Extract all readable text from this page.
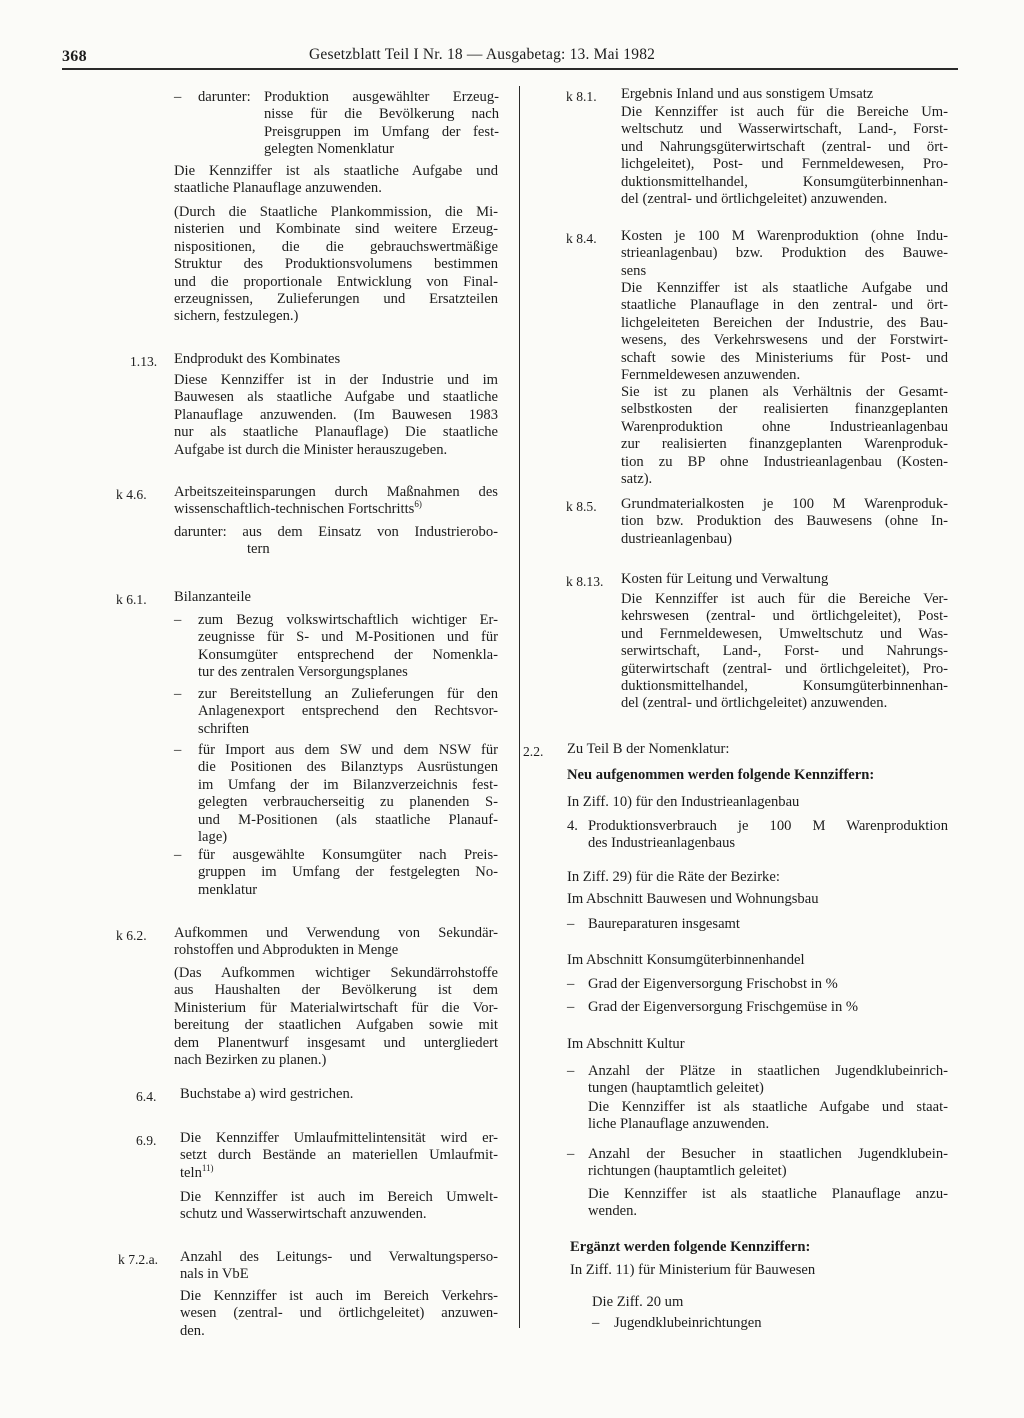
368	Gesetzblatt Teil I Nr. 18 — Ausgabetag: 13. Mai 1982
– darunter: Produktion ausgewählter Erzeug-
nisse für die Bevölkerung nach
Preisgruppen im Umfang der fest-
gelegten Nomenklatur
Die Kennziffer ist als staatliche Aufgabe und
staatliche Planauflage anzuwenden.
(Durch die Staatliche Plankommission, die Mi-
nisterien und Kombinate sind weitere Erzeug-
nispositionen, die die gebrauchswertmäßige
Struktur des Produktionsvolumens bestimmen
und die proportionale Entwicklung von Final-
erzeugnissen, Zulieferungen und Ersatzteilen
sichern, festzulegen.)
1.13. Endprodukt des Kombinates
Diese Kennziffer ist in der Industrie und im
Bauwesen als staatliche Aufgabe und staatliche
Planauflage anzuwenden. (Im Bauwesen 1983
nur als staatliche Planauflage) Die staatliche
Aufgabe ist durch die Minister herauszugeben.
k 4.6. Arbeitszeiteinsparungen durch Maßnahmen des
wissenschaftlich-technischen Fortschritts$^{6)}$
darunter: aus dem Einsatz von Industrierobo-
tern
k 6.1. Bilanzanteile
– zum Bezug volkswirtschaftlich wichtiger Er-
zeugnisse für S- und M-Positionen und für
Konsumgüter entsprechend der Nomenkla-
tur des zentralen Versorgungsplanes
– zur Bereitstellung an Zulieferungen für den
Anlagenexport entsprechend den Rechtsvor-
schriften
– für Import aus dem SW und dem NSW für
die Positionen des Bilanztyps Ausrüstungen
im Umfang der im Bilanzverzeichnis fest-
gelegten verbraucherseitig zu planenden S-
und M-Positionen (als staatliche Planauf-
lage)
– für ausgewählte Konsumgüter nach Preis-
gruppen im Umfang der festgelegten No-
menklatur
k 6.2. Aufkommen und Verwendung von Sekundär-
rohstoffen und Abprodukten in Menge
(Das Aufkommen wichtiger Sekundärrohstoffe
aus Haushalten der Bevölkerung ist dem
Ministerium für Materialwirtschaft für die Vor-
bereitung der staatlichen Aufgaben sowie mit
dem Planentwurf insgesamt und untergliedert
nach Bezirken zu planen.)
6.4. Buchstabe a) wird gestrichen.
6.9. Die Kennziffer Umlaufmittelintensität wird er-
setzt durch Bestände an materiellen Umlaufmit-
teln$^{11)}$
Die Kennziffer ist auch im Bereich Umwelt-
schutz und Wasserwirtschaft anzuwenden.
k 7.2.a. Anzahl des Leitungs- und Verwaltungsperso-
nals in VbE
Die Kennziffer ist auch im Bereich Verkehrs-
wesen (zentral- und örtlichgeleitet) anzuwen-
den.
k 8.1. Ergebnis Inland und aus sonstigem Umsatz
Die Kennziffer ist auch für die Bereiche Um-
weltschutz und Wasserwirtschaft, Land-, Forst-
und Nahrungsgüterwirtschaft (zentral- und ört-
lichgeleitet), Post- und Fernmeldewesen, Pro-
duktionsmittelhandel, Konsumgüterbinnenhan-
del (zentral- und örtlichgeleitet) anzuwenden.
k 8.4. Kosten je 100 M Warenproduktion (ohne Indu-
strieanlagenbau) bzw. Produktion des Bauwe-
sens
Die Kennziffer ist als staatliche Aufgabe und
staatliche Planauflage in den zentral- und ört-
lichgeleiteten Bereichen der Industrie, des Bau-
wesens, des Verkehrswesens und der Forstwirt-
schaft sowie des Ministeriums für Post- und
Fernmeldewesen anzuwenden.
Sie ist zu planen als Verhältnis der Gesamt-
selbstkosten der realisierten finanzgeplanten
Warenproduktion ohne Industrieanlagenbau
zur realisierten finanzgeplanten Warenproduk-
tion zu BP ohne Industrieanlagenbau (Kosten-
satz).
k 8.5. Grundmaterialkosten je 100 M Warenproduk-
tion bzw. Produktion des Bauwesens (ohne In-
dustrieanlagenbau)
k 8.13. Kosten für Leitung und Verwaltung
Die Kennziffer ist auch für die Bereiche Ver-
kehrswesen (zentral- und örtlichgeleitet), Post-
und Fernmeldewesen, Umweltschutz und Was-
serwirtschaft, Land-, Forst- und Nahrungs-
güterwirtschaft (zentral- und örtlichgeleitet), Pro-
duktionsmittelhandel, Konsumgüterbinnenhan-
del (zentral- und örtlichgeleitet) anzuwenden.
2.2. Zu Teil B der Nomenklatur:
Neu aufgenommen werden folgende Kennziffern:
In Ziff. 10) für den Industrieanlagenbau
4. Produktionsverbrauch je 100 M Warenproduktion
des Industrieanlagenbaus
In Ziff. 29) für die Räte der Bezirke:
Im Abschnitt Bauwesen und Wohnungsbau
– Baureparaturen insgesamt
Im Abschnitt Konsumgüterbinnenhandel
– Grad der Eigenversorgung Frischobst in %
– Grad der Eigenversorgung Frischgemüse in %
Im Abschnitt Kultur
– Anzahl der Plätze in staatlichen Jugendklubeinrich-
tungen (hauptamtlich geleitet)
Die Kennziffer ist als staatliche Aufgabe und staat-
liche Planauflage anzuwenden.
– Anzahl der Besucher in staatlichen Jugendklubein-
richtungen (hauptamtlich geleitet)
Die Kennziffer ist als staatliche Planauflage anzu-
wenden.
Ergänzt werden folgende Kennziffern:
In Ziff. 11) für Ministerium für Bauwesen
Die Ziff. 20 um
– Jugendklubeinrichtungen
